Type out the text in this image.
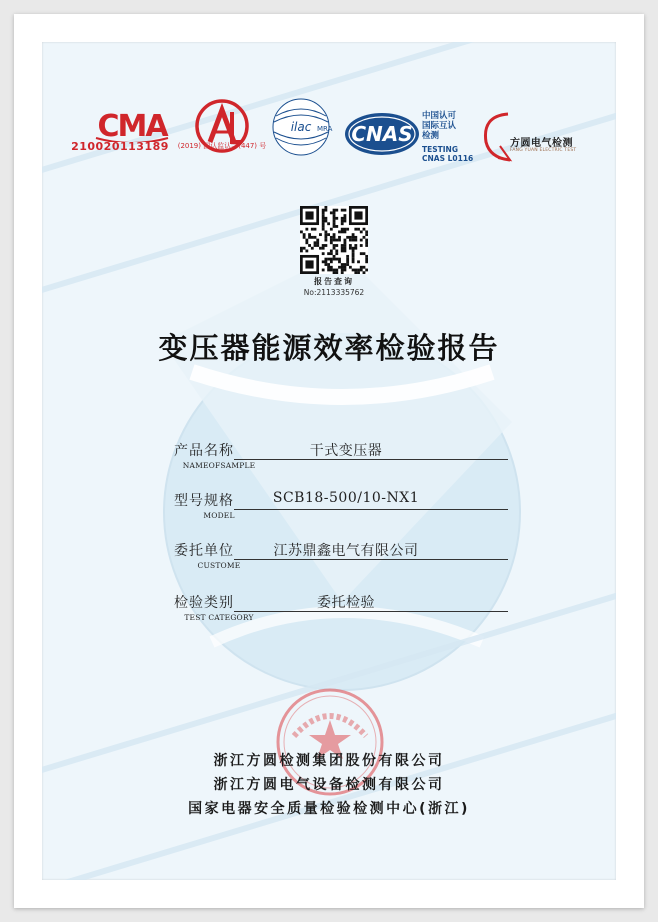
CMA
210020113189	(2019) 国认监认字(447) 号
ilac MRA CNAS
中国认可
国际互认
检测
TESTING
CNAS L0116
方圆电气检测
FANG YUAN ELECTRIC TEST
报告查询
No:2113335762
变压器能源效率检验报告
产品名称
NAMEOFSAMPLE
干式变压器
型号规格
MODEL
SCB18-500/10-NX1
委托单位
CUSTOME
江苏鼎鑫电气有限公司
检验类别
TEST CATEGORY
委托检验
浙江方圆检测集团股份有限公司
浙江方圆电气设备检测有限公司
国家电器安全质量检验检测中心(浙江)
